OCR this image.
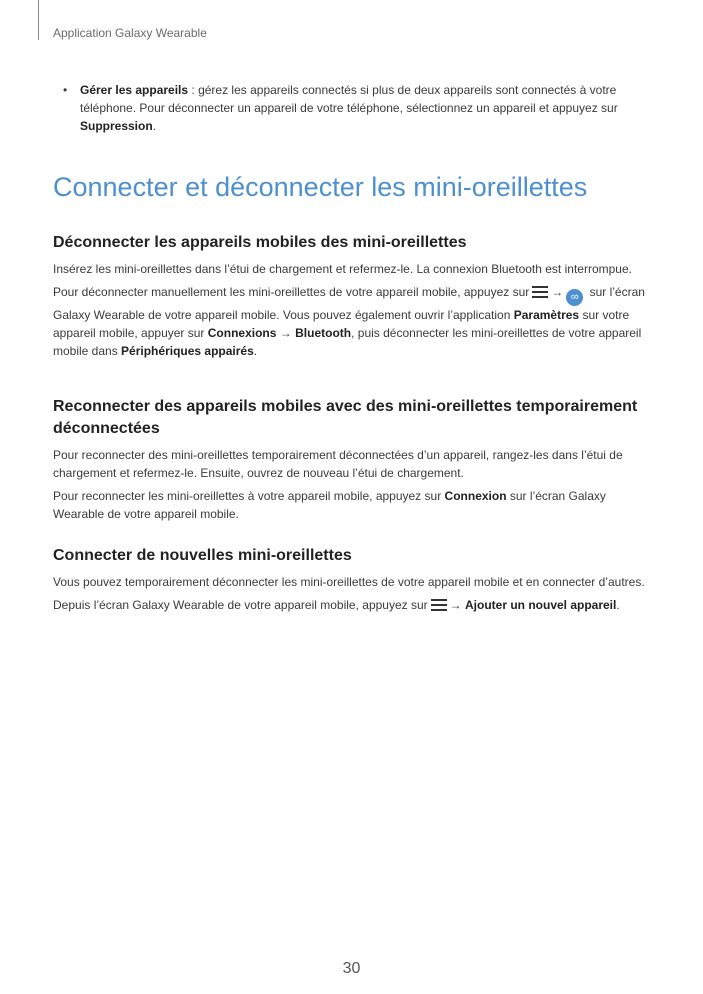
Application Galaxy Wearable
• Gérer les appareils : gérez les appareils connectés si plus de deux appareils sont connectés à votre téléphone. Pour déconnecter un appareil de votre téléphone, sélectionnez un appareil et appuyez sur Suppression.

Connecter et déconnecter les mini-oreillettes
Déconnecter les appareils mobiles des mini-oreillettes

Insérez les mini-oreillettes dans l’étui de chargement et refermez-le. La connexion Bluetooth est interrompue.

Pour déconnecter manuellement les mini-oreillettes de votre appareil mobile, appuyez sur → ∞ sur l’écran Galaxy Wearable de votre appareil mobile. Vous pouvez également ouvrir l’application Paramètres sur votre appareil mobile, appuyer sur Connexions → Bluetooth, puis déconnecter les mini-oreillettes de votre appareil mobile dans Périphériques appairés.

Reconnecter des appareils mobiles avec des mini-oreillettes temporairement déconnectées

Pour reconnecter des mini-oreillettes temporairement déconnectées d’un appareil, rangez-les dans l’étui de chargement et refermez-le. Ensuite, ouvrez de nouveau l’étui de chargement.

Pour reconnecter les mini-oreillettes à votre appareil mobile, appuyez sur Connexion sur l’écran Galaxy Wearable de votre appareil mobile.

Connecter de nouvelles mini-oreillettes

Vous pouvez temporairement déconnecter les mini-oreillettes de votre appareil mobile et en connecter d’autres.

Depuis l’écran Galaxy Wearable de votre appareil mobile, appuyez sur → Ajouter un nouvel appareil.

30
